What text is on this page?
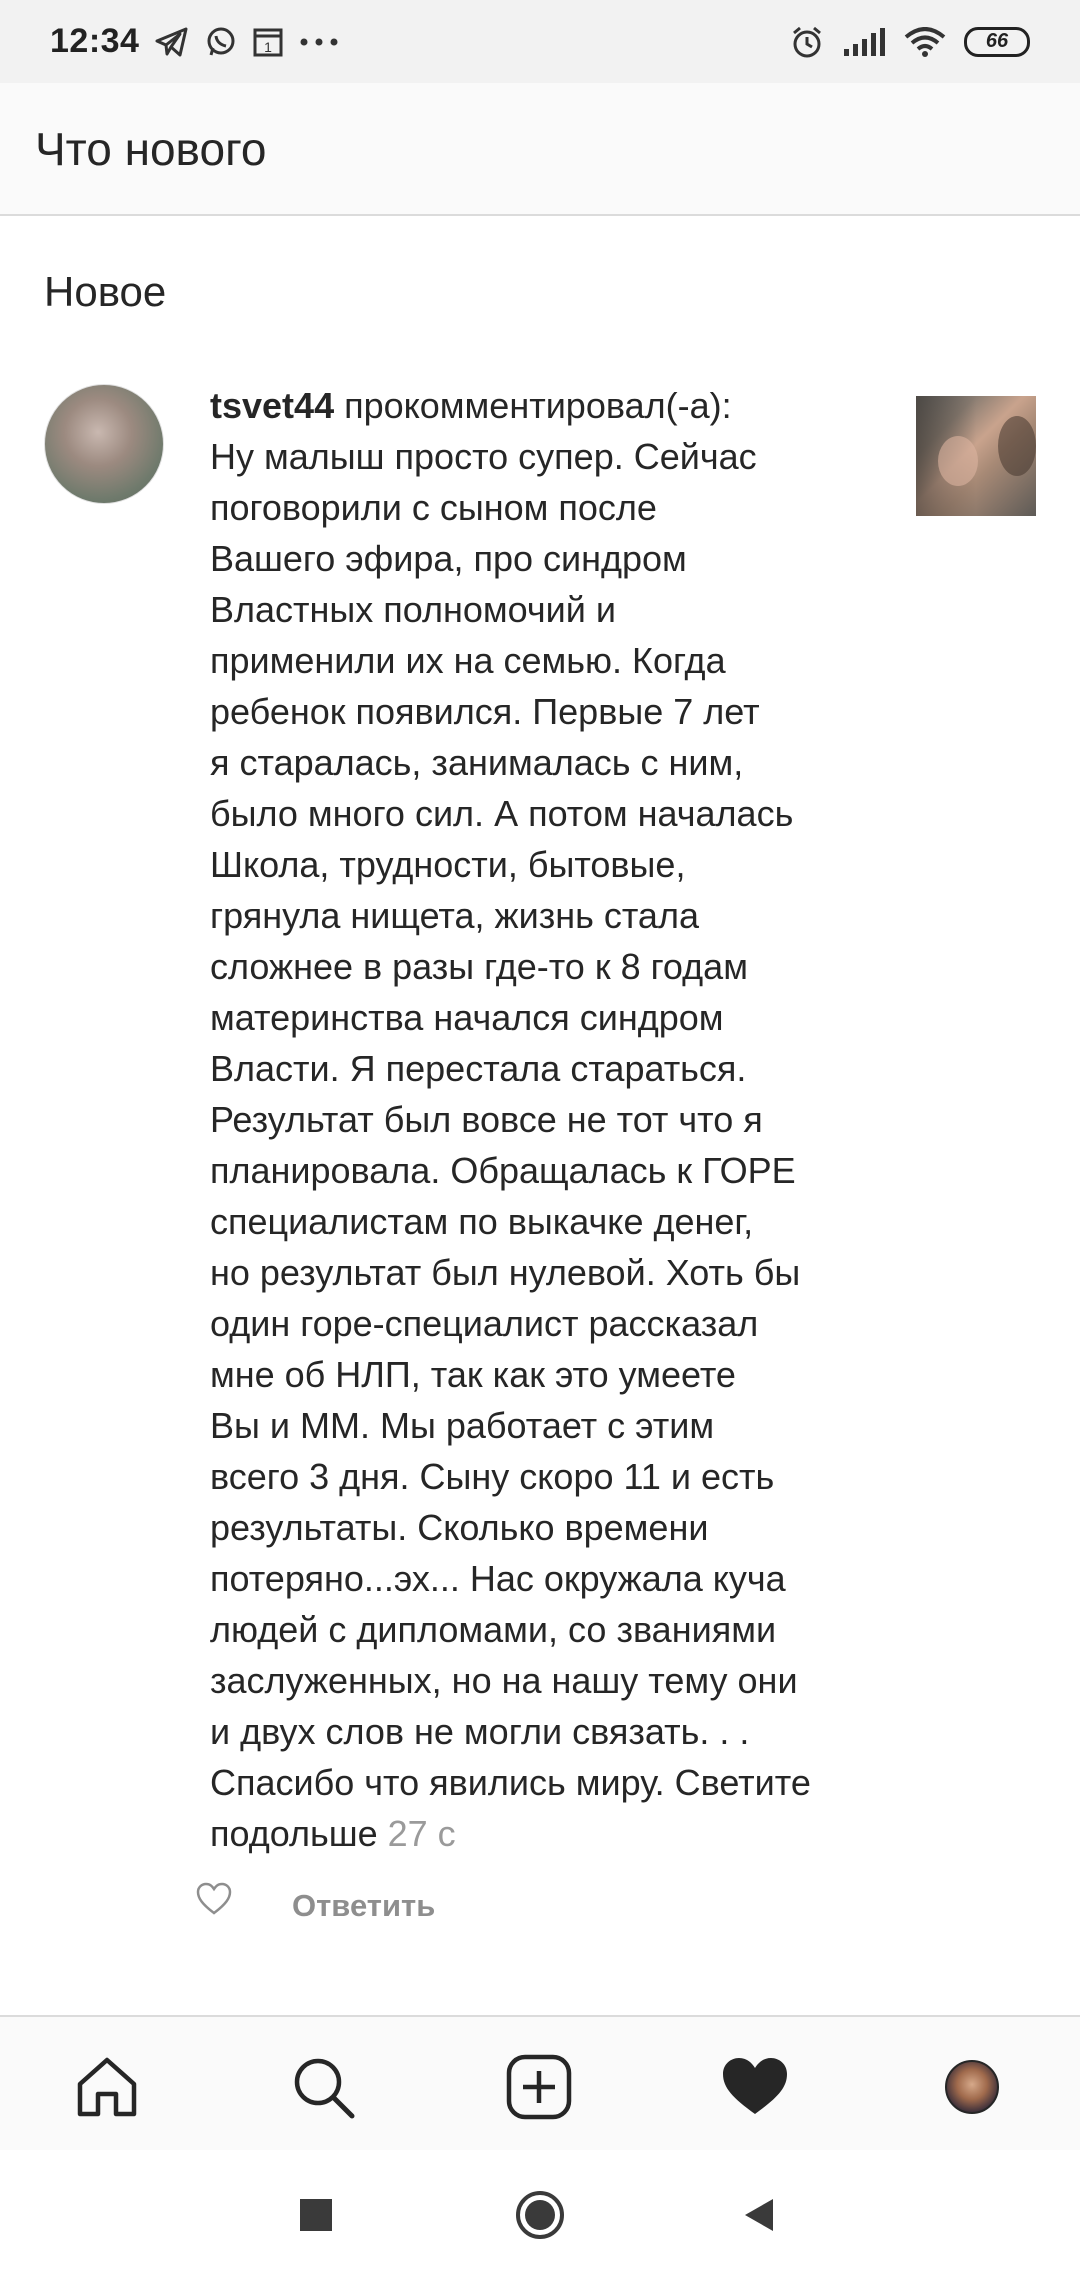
12:34	1	66
Что нового
Новое
tsvet44 прокомментировал(-а):
Ну малыш просто супер. Сейчас
поговорили с сыном после
Вашего эфира, про синдром
Властных полномочий и
применили их на семью. Когда
ребенок появился. Первые 7 лет
я старалась, занималась с ним,
было много сил. А потом началась
Школа, трудности, бытовые,
грянула нищета, жизнь стала
сложнее в разы где-то к 8 годам
материнства начался синдром
Власти. Я перестала стараться.
Результат был вовсе не тот что я
планировала. Обращалась к ГОРЕ
специалистам по выкачке денег,
но результат был нулевой. Хоть бы
один горе-специалист рассказал
мне об НЛП, так как это умеете
Вы и ММ. Мы работает с этим
всего 3 дня. Сыну скоро 11 и есть
результаты. Сколько времени
потеряно...эх... Нас окружала куча
людей с дипломами, со званиями
заслуженных, но на нашу тему они
и двух слов не могли связать. . .
Спасибо что явились миру. Светите
подольше 27 с
Ответить
